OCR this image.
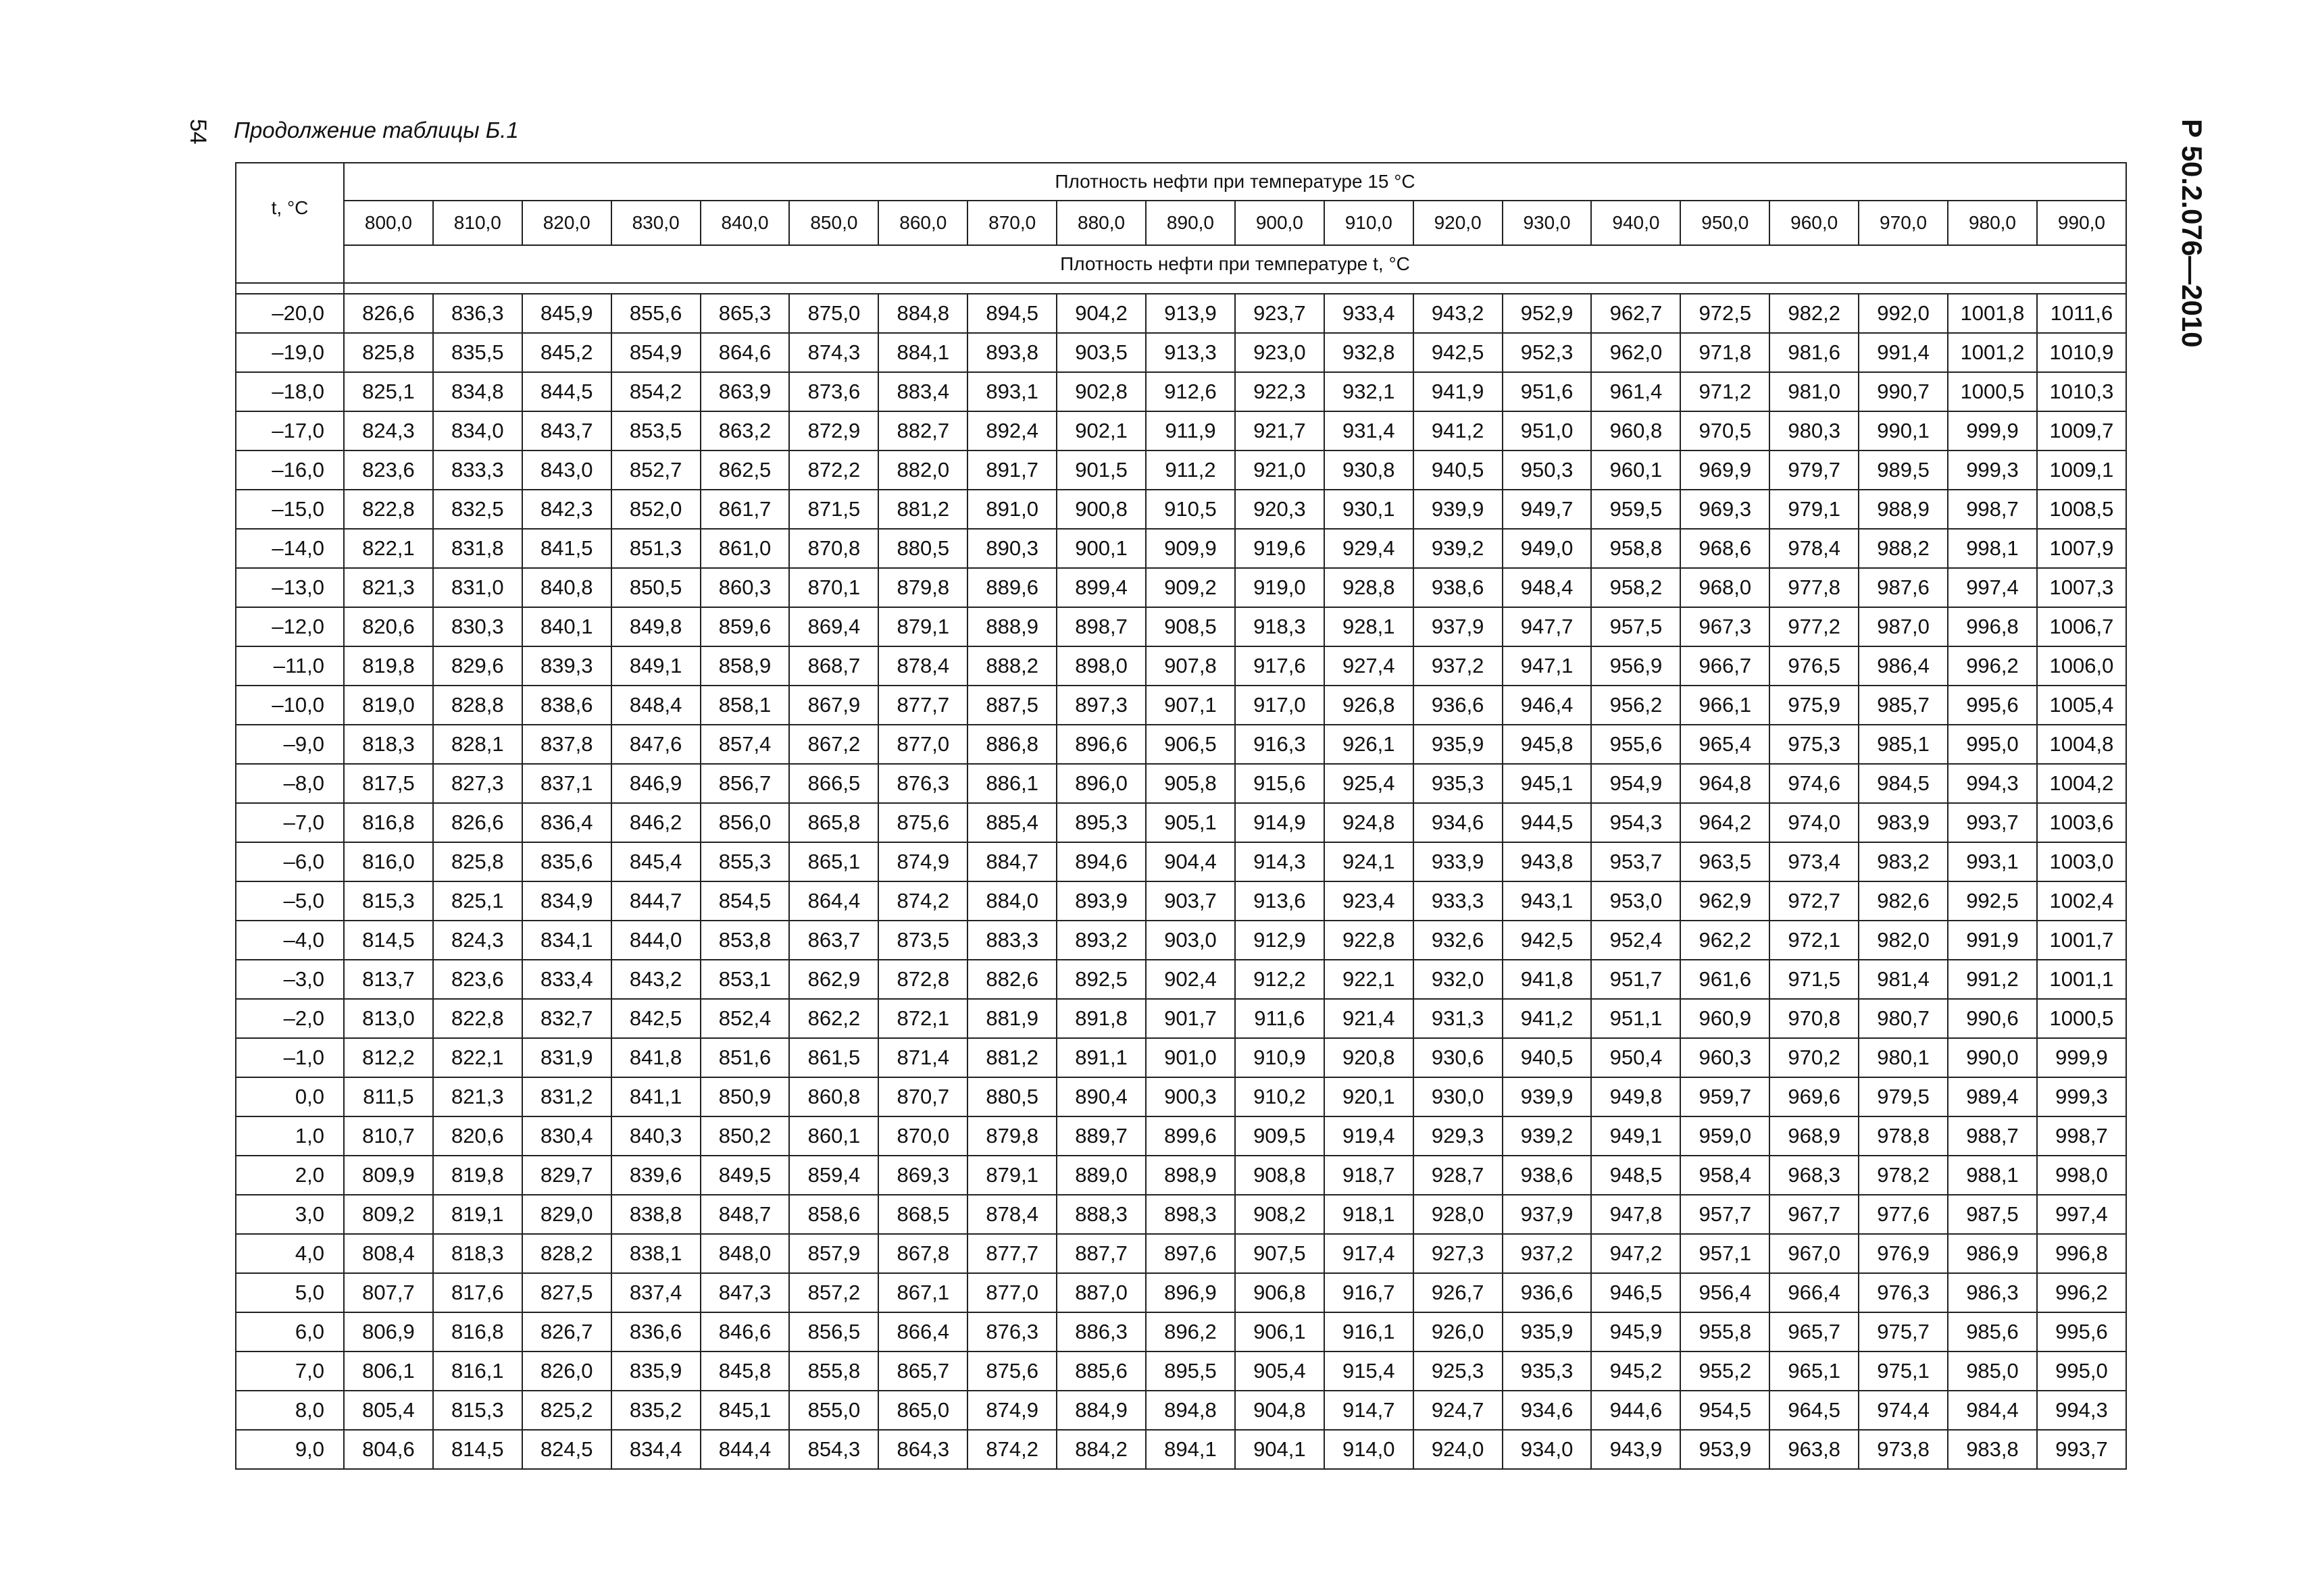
54 Продолжение таблицы Б.1	Р 50.2.076—2010
t, °C	Плотность нефти при температуре 15 °C																			
	800,0	810,0	820,0	830,0	840,0	850,0	860,0	870,0	880,0	890,0	900,0	910,0	920,0	930,0	940,0	950,0	960,0	970,0	980,0	990,0
	Плотность нефти при температуре t, °C																			

–20,0	826,6	836,3	845,9	855,6	865,3	875,0	884,8	894,5	904,2	913,9	923,7	933,4	943,2	952,9	962,7	972,5	982,2	992,0	1001,8	1011,6
–19,0	825,8	835,5	845,2	854,9	864,6	874,3	884,1	893,8	903,5	913,3	923,0	932,8	942,5	952,3	962,0	971,8	981,6	991,4	1001,2	1010,9
–18,0	825,1	834,8	844,5	854,2	863,9	873,6	883,4	893,1	902,8	912,6	922,3	932,1	941,9	951,6	961,4	971,2	981,0	990,7	1000,5	1010,3
–17,0	824,3	834,0	843,7	853,5	863,2	872,9	882,7	892,4	902,1	911,9	921,7	931,4	941,2	951,0	960,8	970,5	980,3	990,1	999,9	1009,7
–16,0	823,6	833,3	843,0	852,7	862,5	872,2	882,0	891,7	901,5	911,2	921,0	930,8	940,5	950,3	960,1	969,9	979,7	989,5	999,3	1009,1
–15,0	822,8	832,5	842,3	852,0	861,7	871,5	881,2	891,0	900,8	910,5	920,3	930,1	939,9	949,7	959,5	969,3	979,1	988,9	998,7	1008,5
–14,0	822,1	831,8	841,5	851,3	861,0	870,8	880,5	890,3	900,1	909,9	919,6	929,4	939,2	949,0	958,8	968,6	978,4	988,2	998,1	1007,9
–13,0	821,3	831,0	840,8	850,5	860,3	870,1	879,8	889,6	899,4	909,2	919,0	928,8	938,6	948,4	958,2	968,0	977,8	987,6	997,4	1007,3
–12,0	820,6	830,3	840,1	849,8	859,6	869,4	879,1	888,9	898,7	908,5	918,3	928,1	937,9	947,7	957,5	967,3	977,2	987,0	996,8	1006,7
–11,0	819,8	829,6	839,3	849,1	858,9	868,7	878,4	888,2	898,0	907,8	917,6	927,4	937,2	947,1	956,9	966,7	976,5	986,4	996,2	1006,0
–10,0	819,0	828,8	838,6	848,4	858,1	867,9	877,7	887,5	897,3	907,1	917,0	926,8	936,6	946,4	956,2	966,1	975,9	985,7	995,6	1005,4
–9,0	818,3	828,1	837,8	847,6	857,4	867,2	877,0	886,8	896,6	906,5	916,3	926,1	935,9	945,8	955,6	965,4	975,3	985,1	995,0	1004,8
–8,0	817,5	827,3	837,1	846,9	856,7	866,5	876,3	886,1	896,0	905,8	915,6	925,4	935,3	945,1	954,9	964,8	974,6	984,5	994,3	1004,2
–7,0	816,8	826,6	836,4	846,2	856,0	865,8	875,6	885,4	895,3	905,1	914,9	924,8	934,6	944,5	954,3	964,2	974,0	983,9	993,7	1003,6
–6,0	816,0	825,8	835,6	845,4	855,3	865,1	874,9	884,7	894,6	904,4	914,3	924,1	933,9	943,8	953,7	963,5	973,4	983,2	993,1	1003,0
–5,0	815,3	825,1	834,9	844,7	854,5	864,4	874,2	884,0	893,9	903,7	913,6	923,4	933,3	943,1	953,0	962,9	972,7	982,6	992,5	1002,4
–4,0	814,5	824,3	834,1	844,0	853,8	863,7	873,5	883,3	893,2	903,0	912,9	922,8	932,6	942,5	952,4	962,2	972,1	982,0	991,9	1001,7
–3,0	813,7	823,6	833,4	843,2	853,1	862,9	872,8	882,6	892,5	902,4	912,2	922,1	932,0	941,8	951,7	961,6	971,5	981,4	991,2	1001,1
–2,0	813,0	822,8	832,7	842,5	852,4	862,2	872,1	881,9	891,8	901,7	911,6	921,4	931,3	941,2	951,1	960,9	970,8	980,7	990,6	1000,5
–1,0	812,2	822,1	831,9	841,8	851,6	861,5	871,4	881,2	891,1	901,0	910,9	920,8	930,6	940,5	950,4	960,3	970,2	980,1	990,0	999,9
0,0	811,5	821,3	831,2	841,1	850,9	860,8	870,7	880,5	890,4	900,3	910,2	920,1	930,0	939,9	949,8	959,7	969,6	979,5	989,4	999,3
1,0	810,7	820,6	830,4	840,3	850,2	860,1	870,0	879,8	889,7	899,6	909,5	919,4	929,3	939,2	949,1	959,0	968,9	978,8	988,7	998,7
2,0	809,9	819,8	829,7	839,6	849,5	859,4	869,3	879,1	889,0	898,9	908,8	918,7	928,7	938,6	948,5	958,4	968,3	978,2	988,1	998,0
3,0	809,2	819,1	829,0	838,8	848,7	858,6	868,5	878,4	888,3	898,3	908,2	918,1	928,0	937,9	947,8	957,7	967,7	977,6	987,5	997,4
4,0	808,4	818,3	828,2	838,1	848,0	857,9	867,8	877,7	887,7	897,6	907,5	917,4	927,3	937,2	947,2	957,1	967,0	976,9	986,9	996,8
5,0	807,7	817,6	827,5	837,4	847,3	857,2	867,1	877,0	887,0	896,9	906,8	916,7	926,7	936,6	946,5	956,4	966,4	976,3	986,3	996,2
6,0	806,9	816,8	826,7	836,6	846,6	856,5	866,4	876,3	886,3	896,2	906,1	916,1	926,0	935,9	945,9	955,8	965,7	975,7	985,6	995,6
7,0	806,1	816,1	826,0	835,9	845,8	855,8	865,7	875,6	885,6	895,5	905,4	915,4	925,3	935,3	945,2	955,2	965,1	975,1	985,0	995,0
8,0	805,4	815,3	825,2	835,2	845,1	855,0	865,0	874,9	884,9	894,8	904,8	914,7	924,7	934,6	944,6	954,5	964,5	974,4	984,4	994,3
9,0	804,6	814,5	824,5	834,4	844,4	854,3	864,3	874,2	884,2	894,1	904,1	914,0	924,0	934,0	943,9	953,9	963,8	973,8	983,8	993,7
